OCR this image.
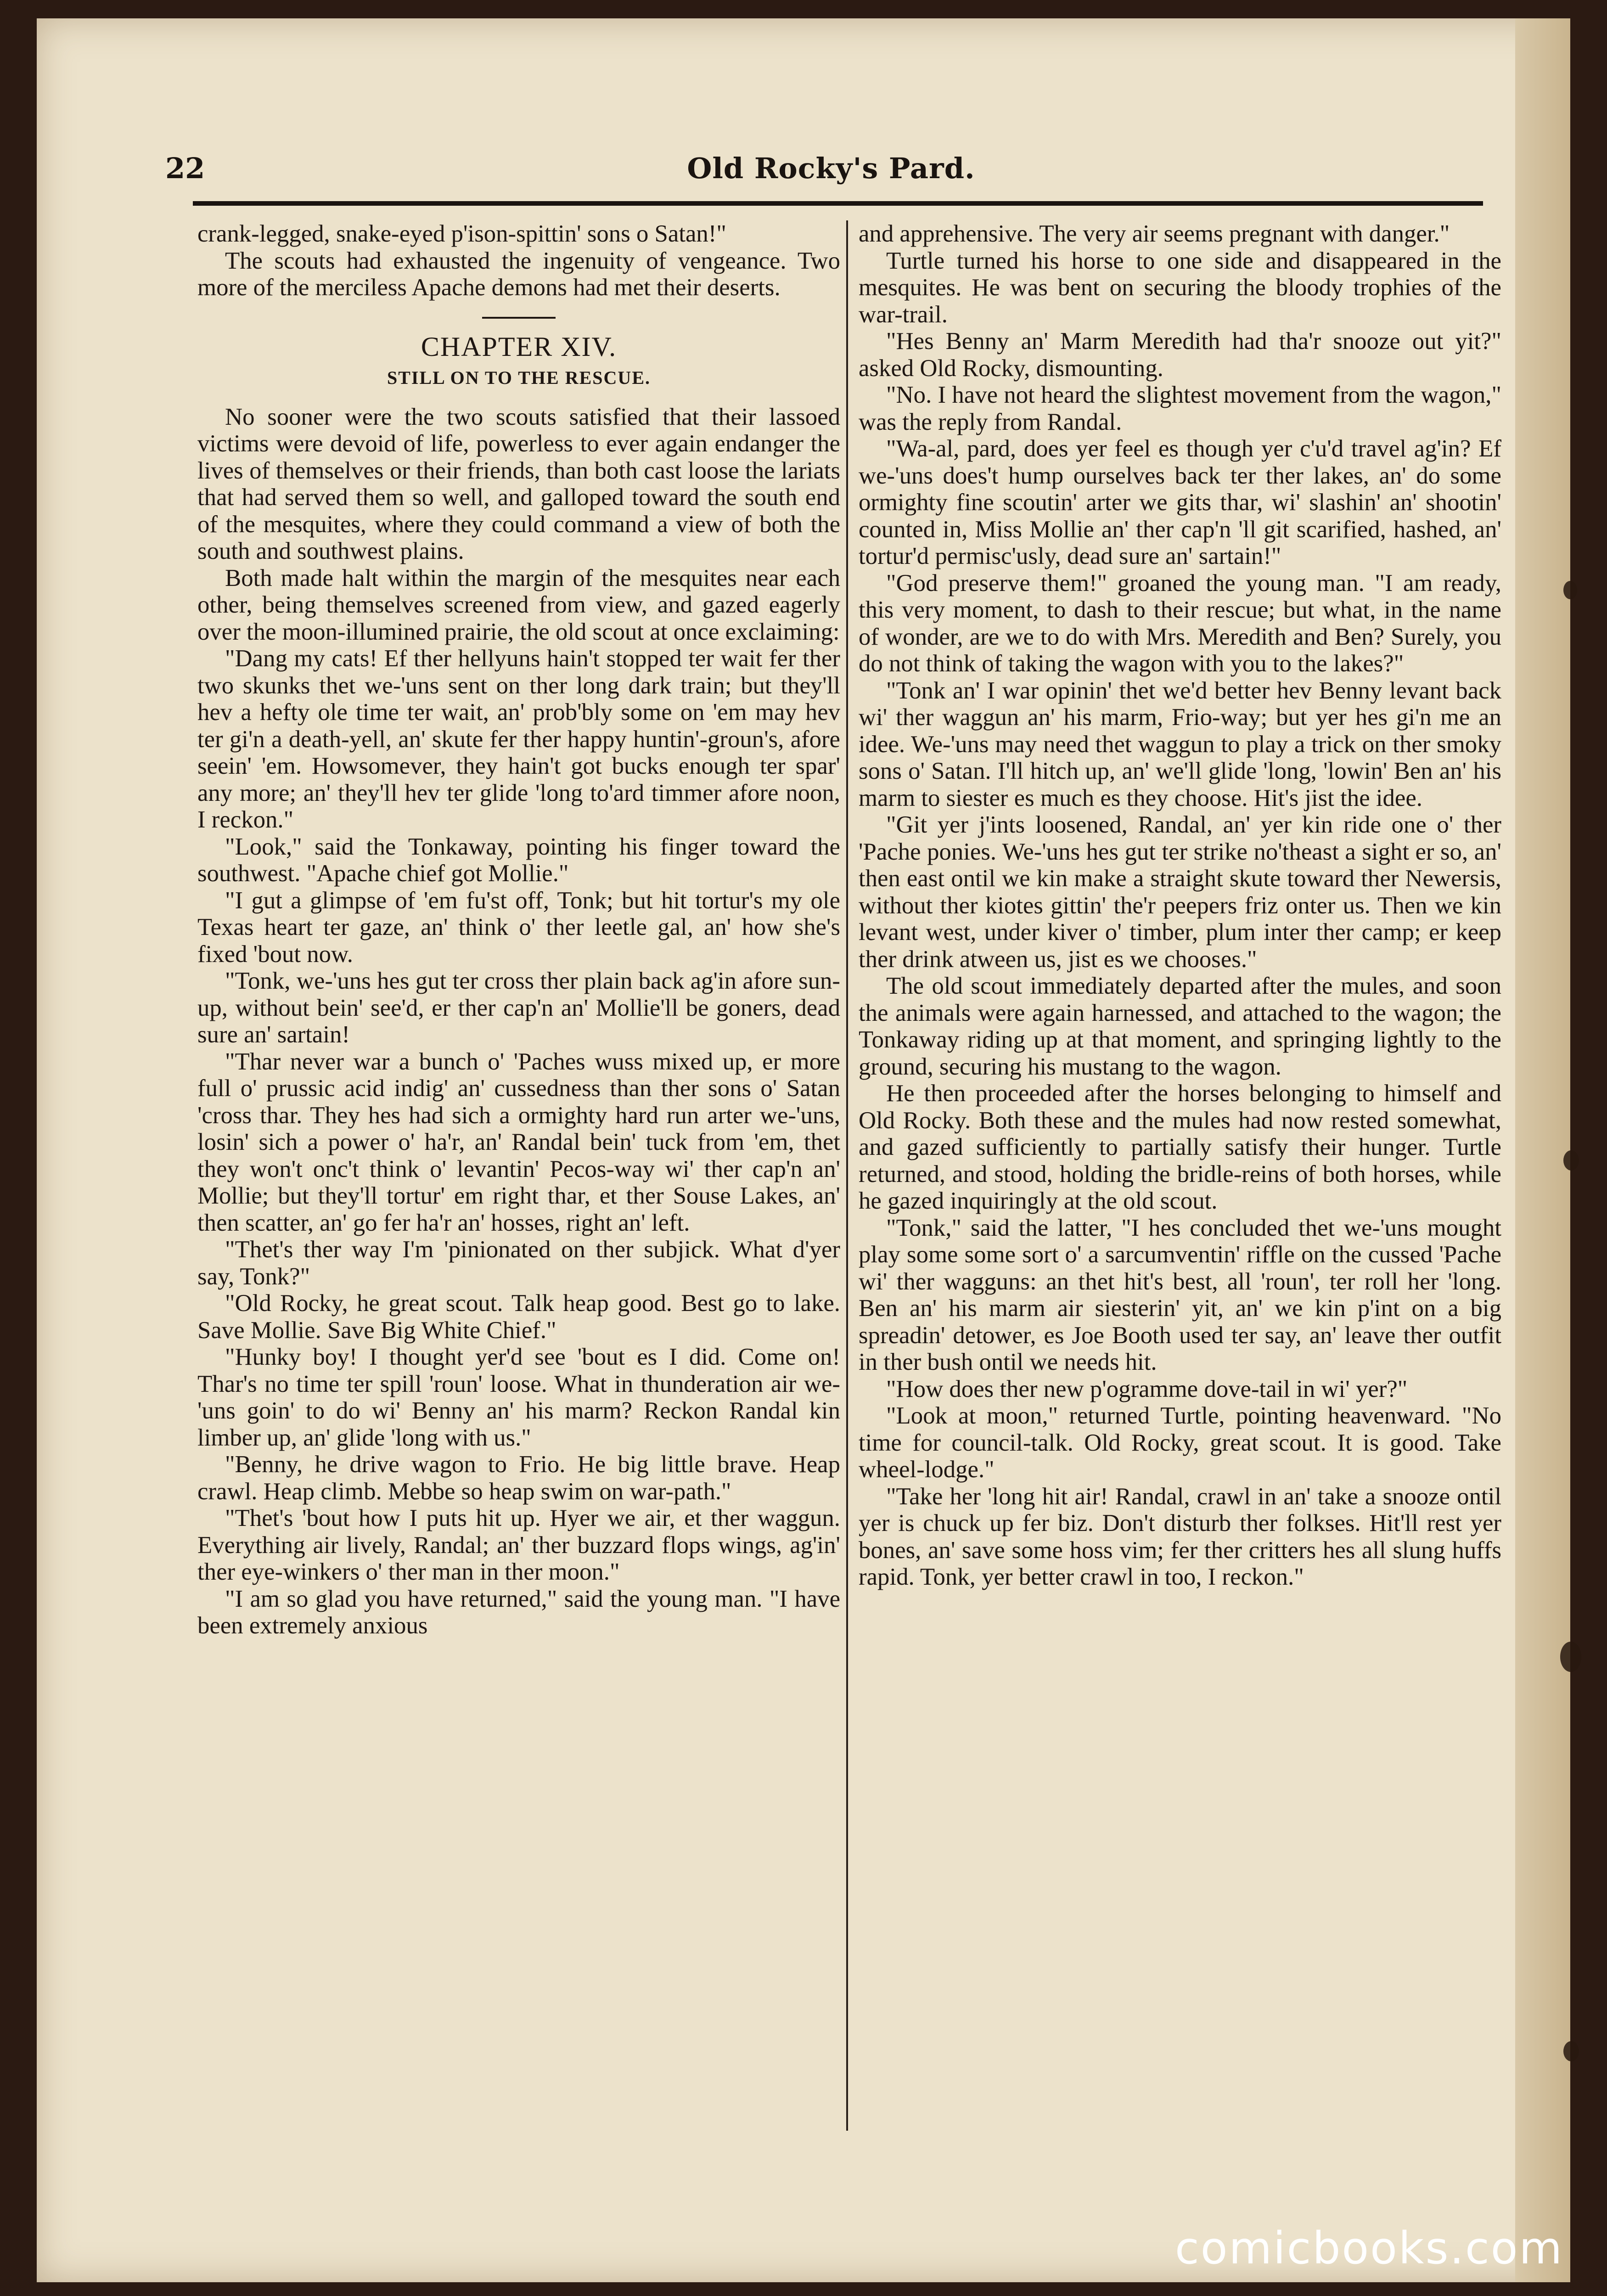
22	Old Rocky's Pard.

crank-legged, snake-eyed p'ison-spittin' sons o Satan!"

The scouts had exhausted the ingenuity of vengeance. Two more of the merciless Apache demons had met their deserts.

CHAPTER XIV.
STILL ON TO THE RESCUE.

No sooner were the two scouts satisfied that their lassoed victims were devoid of life, powerless to ever again endanger the lives of themselves or their friends, than both cast loose the lariats that had served them so well, and galloped toward the south end of the mesquites, where they could command a view of both the south and southwest plains.

Both made halt within the margin of the mesquites near each other, being themselves screened from view, and gazed eagerly over the moon-illumined prairie, the old scout at once exclaiming:

"Dang my cats! Ef ther hellyuns hain't stopped ter wait fer ther two skunks thet we-'uns sent on ther long dark train; but they'll hev a hefty ole time ter wait, an' prob'bly some on 'em may hev ter gi'n a death-yell, an' skute fer ther happy huntin'-groun's, afore seein' 'em. Howsomever, they hain't got bucks enough ter spar' any more; an' they'll hev ter glide 'long to'ard timmer afore noon, I reckon."

"Look," said the Tonkaway, pointing his finger toward the southwest. "Apache chief got Mollie."

"I gut a glimpse of 'em fu'st off, Tonk; but hit tortur's my ole Texas heart ter gaze, an' think o' ther leetle gal, an' how she's fixed 'bout now.

"Tonk, we-'uns hes gut ter cross ther plain back ag'in afore sun-up, without bein' see'd, er ther cap'n an' Mollie'll be goners, dead sure an' sartain!

"Thar never war a bunch o' 'Paches wuss mixed up, er more full o' prussic acid indig' an' cussedness than ther sons o' Satan 'cross thar. They hes had sich a ormighty hard run arter we-'uns, losin' sich a power o' ha'r, an' Randal bein' tuck from 'em, thet they won't onc't think o' levantin' Pecos-way wi' ther cap'n an' Mollie; but they'll tortur' em right thar, et ther Souse Lakes, an' then scatter, an' go fer ha'r an' hosses, right an' left.

"Thet's ther way I'm 'pinionated on ther subjick. What d'yer say, Tonk?"

"Old Rocky, he great scout. Talk heap good. Best go to lake. Save Mollie. Save Big White Chief."

"Hunky boy! I thought yer'd see 'bout es I did. Come on! Thar's no time ter spill 'roun' loose. What in thunderation air we-'uns goin' to do wi' Benny an' his marm? Reckon Randal kin limber up, an' glide 'long with us."

"Benny, he drive wagon to Frio. He big little brave. Heap crawl. Heap climb. Mebbe so heap swim on war-path."

"Thet's 'bout how I puts hit up. Hyer we air, et ther waggun. Everything air lively, Randal; an' ther buzzard flops wings, ag'in' ther eye-winkers o' ther man in ther moon."

"I am so glad you have returned," said the young man. "I have been extremely anxious

and apprehensive. The very air seems pregnant with danger."

Turtle turned his horse to one side and disappeared in the mesquites. He was bent on securing the bloody trophies of the war-trail.

"Hes Benny an' Marm Meredith had tha'r snooze out yit?" asked Old Rocky, dismounting.

"No. I have not heard the slightest movement from the wagon," was the reply from Randal.

"Wa-al, pard, does yer feel es though yer c'u'd travel ag'in? Ef we-'uns does't hump ourselves back ter ther lakes, an' do some ormighty fine scoutin' arter we gits thar, wi' slashin' an' shootin' counted in, Miss Mollie an' ther cap'n 'll git scarified, hashed, an' tortur'd permisc'usly, dead sure an' sartain!"

"God preserve them!" groaned the young man. "I am ready, this very moment, to dash to their rescue; but what, in the name of wonder, are we to do with Mrs. Meredith and Ben? Surely, you do not think of taking the wagon with you to the lakes?"

"Tonk an' I war opinin' thet we'd better hev Benny levant back wi' ther waggun an' his marm, Frio-way; but yer hes gi'n me an idee. We-'uns may need thet waggun to play a trick on ther smoky sons o' Satan. I'll hitch up, an' we'll glide 'long, 'lowin' Ben an' his marm to siester es much es they choose. Hit's jist the idee.

"Git yer j'ints loosened, Randal, an' yer kin ride one o' ther 'Pache ponies. We-'uns hes gut ter strike no'theast a sight er so, an' then east ontil we kin make a straight skute toward ther Newersis, without ther kiotes gittin' the'r peepers friz onter us. Then we kin levant west, under kiver o' timber, plum inter ther camp; er keep ther drink atween us, jist es we chooses."

The old scout immediately departed after the mules, and soon the animals were again harnessed, and attached to the wagon; the Tonkaway riding up at that moment, and springing lightly to the ground, securing his mustang to the wagon.

He then proceeded after the horses belonging to himself and Old Rocky. Both these and the mules had now rested somewhat, and gazed sufficiently to partially satisfy their hunger. Turtle returned, and stood, holding the bridle-reins of both horses, while he gazed inquiringly at the old scout.

"Tonk," said the latter, "I hes concluded thet we-'uns mought play some some sort o' a sarcumventin' riffle on the cussed 'Pache wi' ther wagguns: an thet hit's best, all 'roun', ter roll her 'long. Ben an' his marm air siesterin' yit, an' we kin p'int on a big spreadin' detower, es Joe Booth used ter say, an' leave ther outfit in ther bush ontil we needs hit.

"How does ther new p'ogramme dove-tail in wi' yer?"

"Look at moon," returned Turtle, pointing heavenward. "No time for council-talk. Old Rocky, great scout. It is good. Take wheel-lodge."

"Take her 'long hit air! Randal, crawl in an' take a snooze ontil yer is chuck up fer biz. Don't disturb ther folkses. Hit'll rest yer bones, an' save some hoss vim; fer ther critters hes all slung huffs rapid. Tonk, yer better crawl in too, I reckon."

comicbooks.com
